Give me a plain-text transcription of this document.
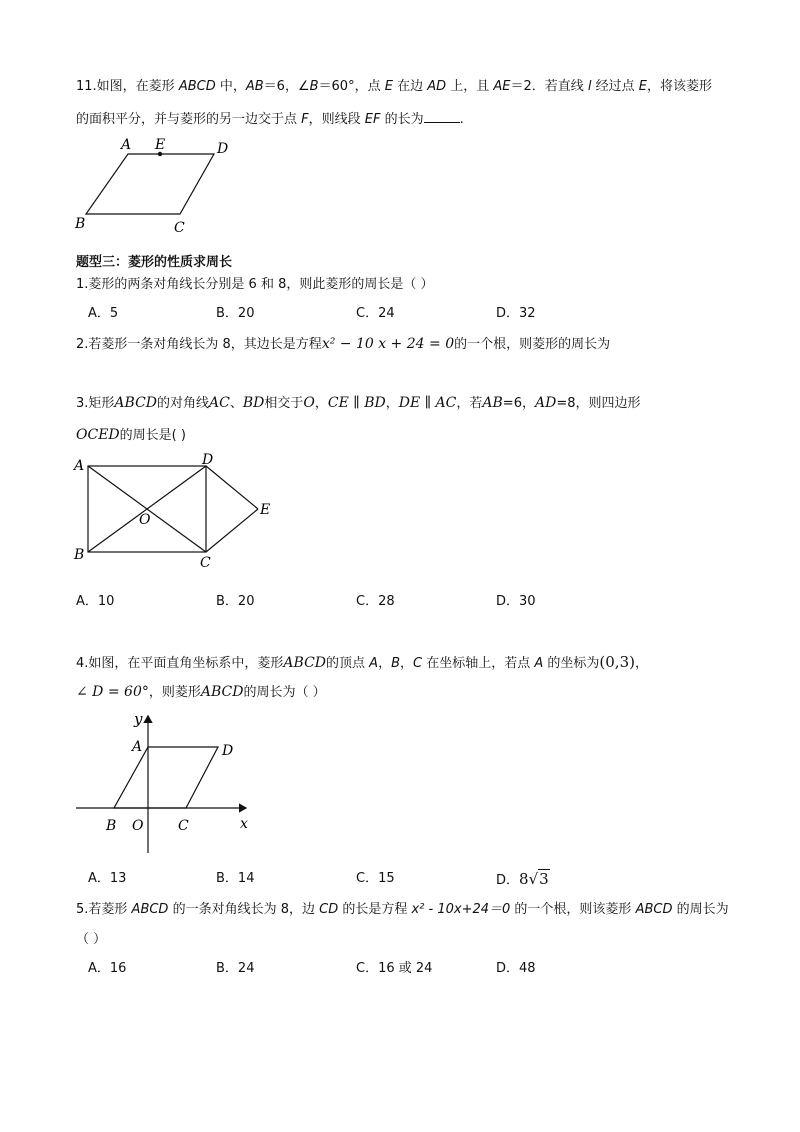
11.如图，在菱形 ABCD 中，AB＝6，∠B＝60°，点 E 在边 AD 上，且 AE＝2．若直线 l 经过点 E，将该菱形
的面积平分，并与菱形的另一边交于点 F，则线段 EF 的长为	.
A E	D
B	C
题型三：菱形的性质求周长
1.菱形的两条对角线长分别是 6 和 8，则此菱形的周长是（ ）
A．5	B．20	C．24	D．32
2.若菱形一条对角线长为 8，其边长是方程x² − 10 x + 24 = 0的一个根，则菱形的周长为
3.矩形ABCD的对角线AC、BD相交于O，CE ∥ BD，DE ∥ AC，若AB=6，AD=8，则四边形
OCED的周长是( )
A	D
E
O
B	C
A．10	B．20	C．28	D．30
4.如图，在平面直角坐标系中，菱形ABCD的顶点 A，B，C 在坐标轴上，若点 A 的坐标为(0,3)，
∠ D = 60°，则菱形ABCD的周长为（ ）
y
A	D
B O C	x
A．13	B．14	C．15	D．8√3
5.若菱形 ABCD 的一条对角线长为 8，边 CD 的长是方程 x² - 10x+24＝0 的一个根，则该菱形 ABCD 的周长为
（ ）
A．16	B．24	C．16 或 24	D．48
